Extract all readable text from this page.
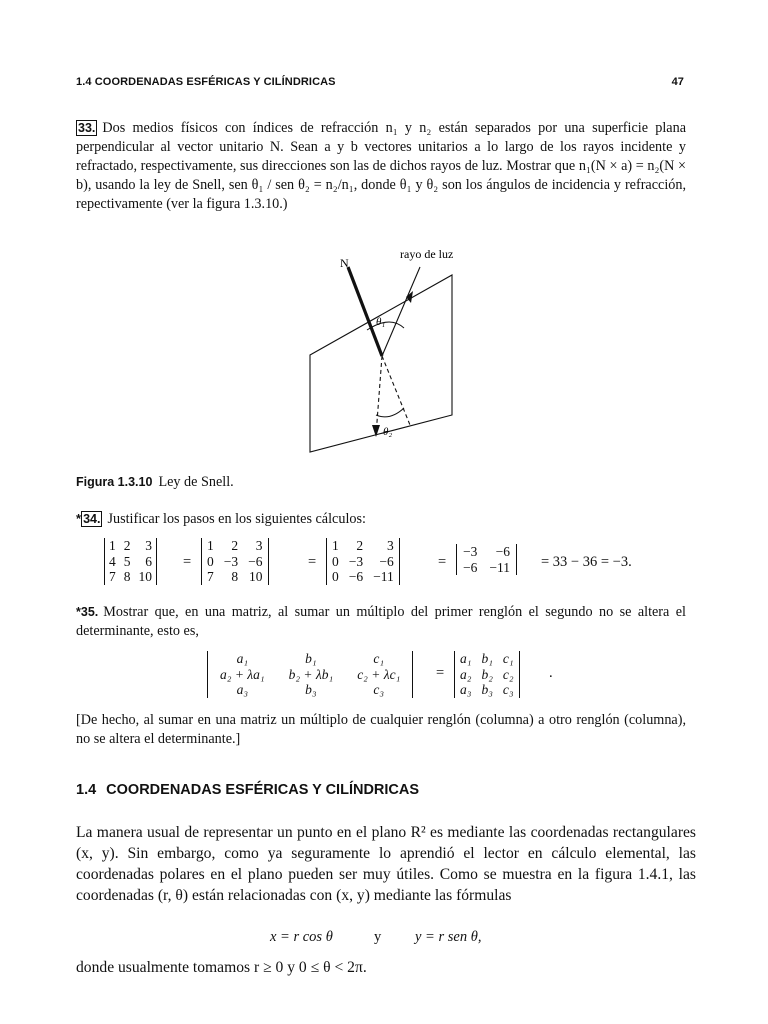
1.4 COORDENADAS ESFÉRICAS Y CILÍNDRICAS	47
33. Dos medios físicos con índices de refracción n₁ y n₂ están separados por una superficie plana perpendicular al vector unitario N. Sean a y b vectores unitarios a lo largo de los rayos incidente y refractado, respectivamente, sus direcciones son las de dichos rayos de luz. Mostrar que n₁(N × a) = n₂(N × b), usando la ley de Snell, sen θ₁ / sen θ₂ = n₂/n₁, donde θ₁ y θ₂ son los ángulos de incidencia y refracción, repectivamente (ver la figura 1.3.10.)
N
rayo de luz
θ₁
θ₂
Figura 1.3.10 Ley de Snell.
* 34. Justificar los pasos en los siguientes cálculos:
1	2	3
4	5	6
7	8	10
=
1	2	3
0	−3	−6
7	8	10
=
1	2	3
0	−3	−6
0	−6	−11
=
−3	−6
−6	−11 = 33 − 36 = −3.
*35. Mostrar que, en una matriz, al sumar un múltiplo del primer renglón el segundo no se altera el determinante, esto es,
a₁	b₁	c₁
a₂ + λa₁	b₂ + λb₁	c₂ + λc₁
a₃	b₃	c₃
=
a₁	b₁	c₁
a₂	b₂	c₂
a₃	b₃	c₃
.
[De hecho, al sumar en una matriz un múltiplo de cualquier renglón (columna) a otro renglón (columna), no se altera el determinante.]
1.4 COORDENADAS ESFÉRICAS Y CILÍNDRICAS
La manera usual de representar un punto en el plano R² es mediante las coordenadas rectangulares (x, y). Sin embargo, como ya seguramente lo aprendió el lector en cálculo elemental, las coordenadas polares en el plano pueden ser muy útiles. Como se muestra en la figura 1.4.1, las coordenadas (r, θ) están relacionadas con (x, y) mediante las fórmulas
x = r cos θ	y y = r sen θ,
donde usualmente tomamos r ≥ 0 y 0 ≤ θ < 2π.
